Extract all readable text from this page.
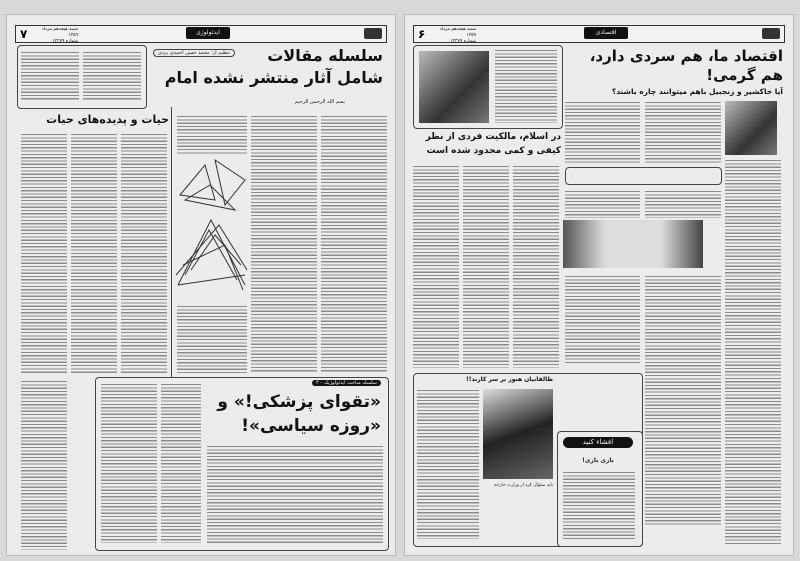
۷	شنبه هیجدهم مرداد ۱۳۵۹
شماره ۱۳۳۷۹
ایدئولوژی
سلسله مقالات
شامل آثار منتشر نشده امام
تنظیم از: محمد حسن احمدی یزدی
بسم الله الرحمن الرحیم
حیات و پدیده‌های حیات
سلسله مباحث ایدئولوژیک - ۴
«تقوای پزشکی!» و
«روزه سیاسی»!
۶	شنبه هیجدهم مرداد ۱۳۵۹
شماره ۱۳۳۷۹
اقتصادی
اقتصاد ما، هم سردی دارد، هم گرمی!
آیا خاکشیر و زنجبیل باهم میتوانند چاره باشند؟
در اسلام، مالکیت فردی از نظر
کیفی و کمی محدود شده است
طالقانیان هنوز بر سر کارند!!
باید سئوال کرد از وزارت خارجه
افشاء کنید
بازی بازی!
